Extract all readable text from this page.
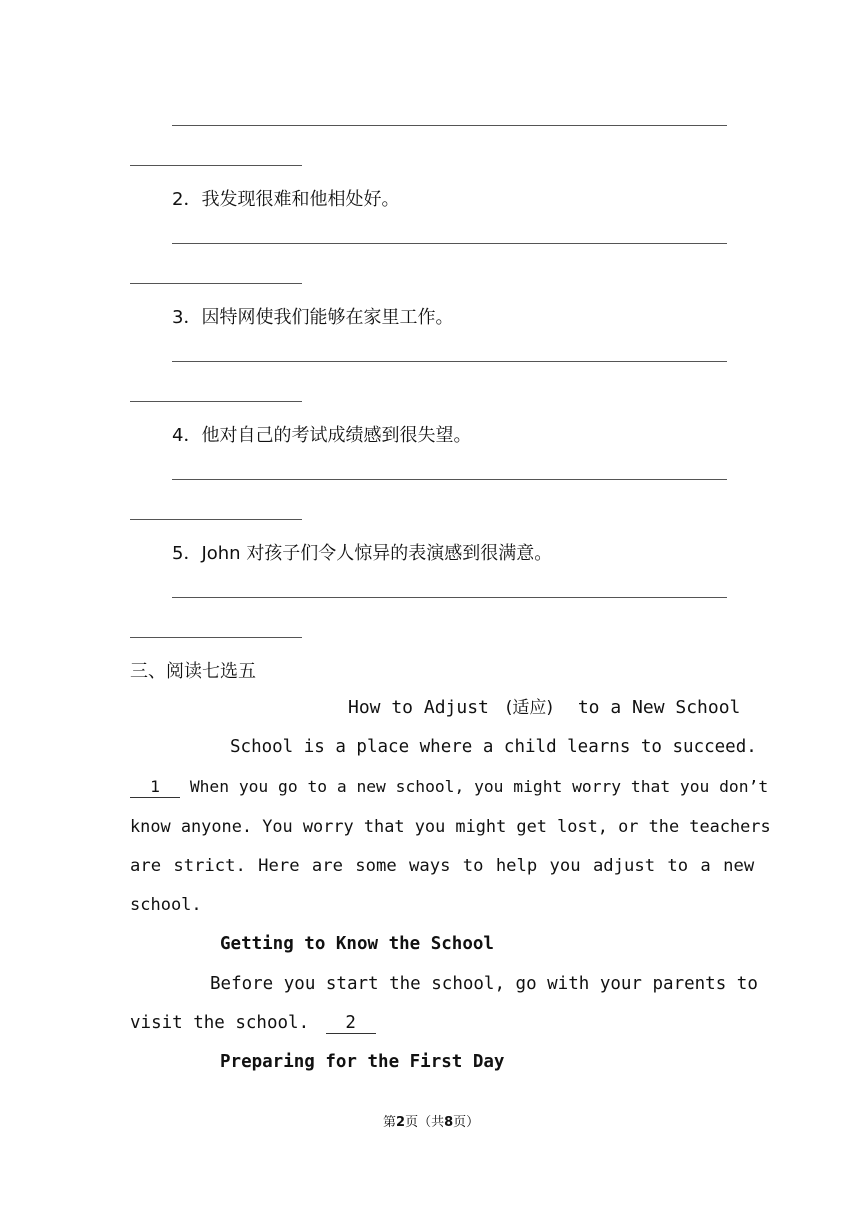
2．我发现很难和他相处好。
3．因特网使我们能够在家里工作。
4．他对自己的考试成绩感到很失望。
5．John 对孩子们令人惊异的表演感到很满意。
三、阅读七选五
How to Adjust (适应) to a New School
School is a place where a child learns to succeed.
1 When you go to a new school, you might worry that you don’t
know anyone. You worry that you might get lost, or the teachers
are strict. Here are some ways to help you adjust to a new
school.
Getting to Know the School
Before you start the school, go with your parents to
visit the school. 2
Preparing for the First Day
第2页（共8页）
